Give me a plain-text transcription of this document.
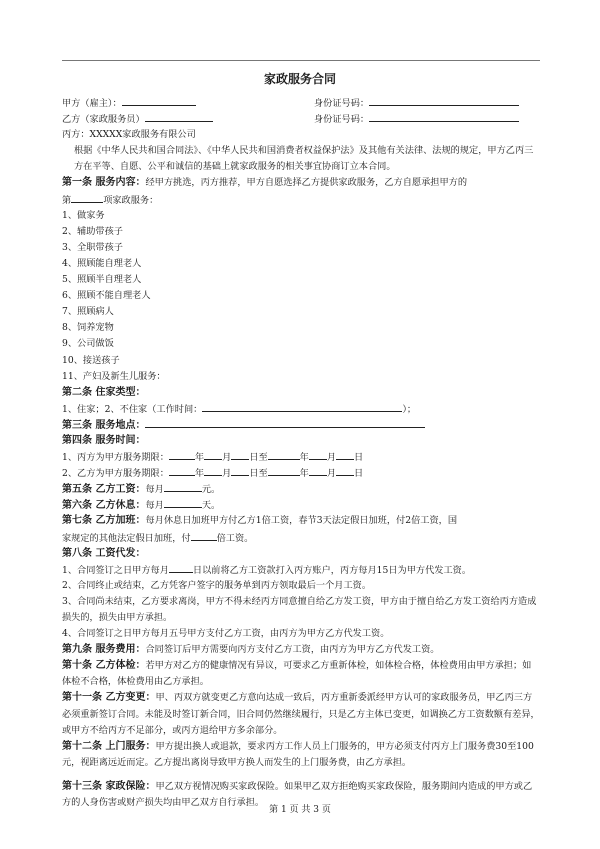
家政服务合同
甲方（雇主）：	身份证号码：
乙方（家政服务员）	身份证号码：
丙方：XXXXX家政服务有限公司
根据《中华人民共和国合同法》、《中华人民共和国消费者权益保护法》及其他有关法律、法规的规定，甲方乙丙三方在平等、自愿、公平和诚信的基础上就家政服务的相关事宜协商订立本合同。
第一条 服务内容：经甲方挑选，丙方推荐，甲方自愿选择乙方提供家政服务，乙方自愿承担甲方的
第	项家政服务：
1、做家务
2、辅助带孩子
3、全职带孩子
4、照顾能自理老人
5、照顾半自理老人
6、照顾不能自理老人
7、照顾病人
8、饲养宠物
9、公司做饭
10、接送孩子
11、产妇及新生儿服务：
第二条 住家类型：
1、住家；2、不住家（工作时间：	）；
第三条 服务地点：
第四条 服务时间：
1、丙方为甲方服务期限：	年 月 日至	年 月 日
2、乙方为甲方服务期限：	年 月 日至	年 月 日
第五条 乙方工资：每月	元。
第六条 乙方休息：每月	天。
第七条 乙方加班：每月休息日加班甲方付乙方1倍工资，春节3天法定假日加班，付2倍工资，国
家规定的其他法定假日加班，付	倍工资。
第八条 工资代发：
1、合同签订之日甲方每月	日以前将乙方工资款打入丙方账户，丙方每月15日为甲方代发工资。
2、合同终止或结束，乙方凭客户签字的服务单到丙方领取最后一个月工资。
3、合同尚未结束，乙方要求离岗，甲方不得未经丙方同意擅自给乙方发工资，甲方由于擅自给乙方发工资给丙方造成损失的，损失由甲方承担。
4、合同签订之日甲方每月五号甲方支付乙方工资，由丙方为甲方乙方代发工资。
第九条 服务费用：合同签订后甲方需要向丙方支付乙方工资，由丙方为甲方乙方代发工资。
第十条 乙方体检：若甲方对乙方的健康情况有异议，可要求乙方重新体检，如体检合格，体检费用由甲方承担；如体检不合格，体检费用由乙方承担。
第十一条 乙方变更：甲、丙双方就变更乙方意向达成一致后，丙方重新委派经甲方认可的家政服务员，甲乙丙三方必须重新签订合同。未能及时签订新合同，旧合同仍然继续履行，只是乙方主体已变更，如调换乙方工资数额有差异，或甲方不给丙方不足部分，或丙方退给甲方多余部分。
第十二条 上门服务：甲方提出换人或退款，要求丙方工作人员上门服务的，甲方必须支付丙方上门服务费30至100元，视距离远近而定。乙方提出离岗导致甲方换人而发生的上门服务费，由乙方承担。
第十三条 家政保险：甲乙双方视情况购买家政保险。如果甲乙双方拒绝购买家政保险，服务期间内造成的甲方或乙方的人身伤害或财产损失均由甲乙双方自行承担。
第 1 页 共 3 页
